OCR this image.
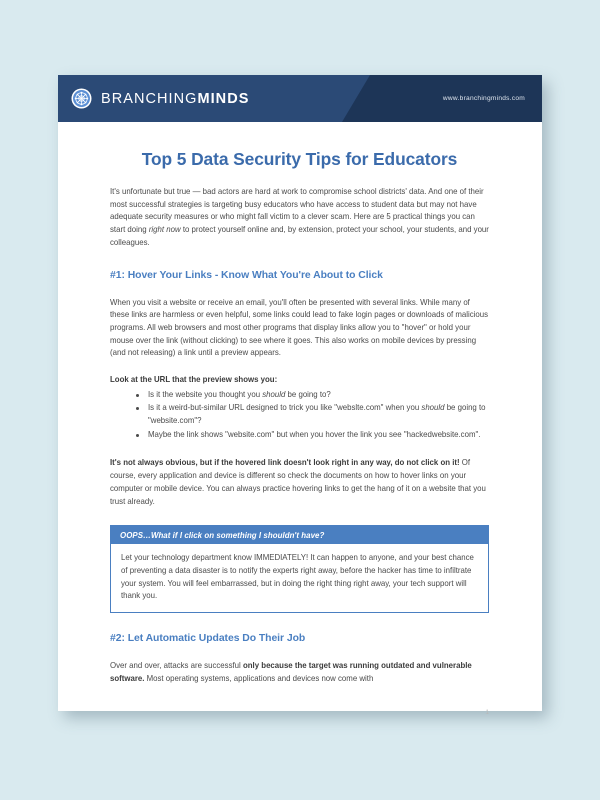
BRANCHINGMINDS	www.branchingminds.com
Top 5 Data Security Tips for Educators

It's unfortunate but true — bad actors are hard at work to compromise school districts' data. And one of their most successful strategies is targeting busy educators who have access to student data but may not have adequate security measures or who might fall victim to a clever scam. Here are 5 practical things you can start doing right now to protect yourself online and, by extension, protect your school, your students, and your colleagues.

#1: Hover Your Links - Know What You're About to Click

When you visit a website or receive an email, you'll often be presented with several links. While many of these links are harmless or even helpful, some links could lead to fake login pages or downloads of malicious programs. All web browsers and most other programs that display links allow you to "hover" or hold your mouse over the link (without clicking) to see where it goes. This also works on mobile devices by pressing (and not releasing) a link until a preview appears.

Look at the URL that the preview shows you:

Is it the website you thought you should be going to?
Is it a weird-but-similar URL designed to trick you like "webslte.com" when you should be going to "website.com"?
Maybe the link shows "website.com" but when you hover the link you see "hackedwebsite.com".

It's not always obvious, but if the hovered link doesn't look right in any way, do not click on it! Of course, every application and device is different so check the documents on how to hover links on your computer or mobile device. You can always practice hovering links to get the hang of it on a website that you trust already.

OOPS…What if I click on something I shouldn't have?
Let your technology department know IMMEDIATELY! It can happen to anyone, and your best chance of preventing a data disaster is to notify the experts right away, before the hacker has time to infiltrate your system. You will feel embarrassed, but in doing the right thing right away, your tech support will thank you.
#2: Let Automatic Updates Do Their Job

Over and over, attacks are successful only because the target was running outdated and vulnerable software. Most operating systems, applications and devices now come with

1
